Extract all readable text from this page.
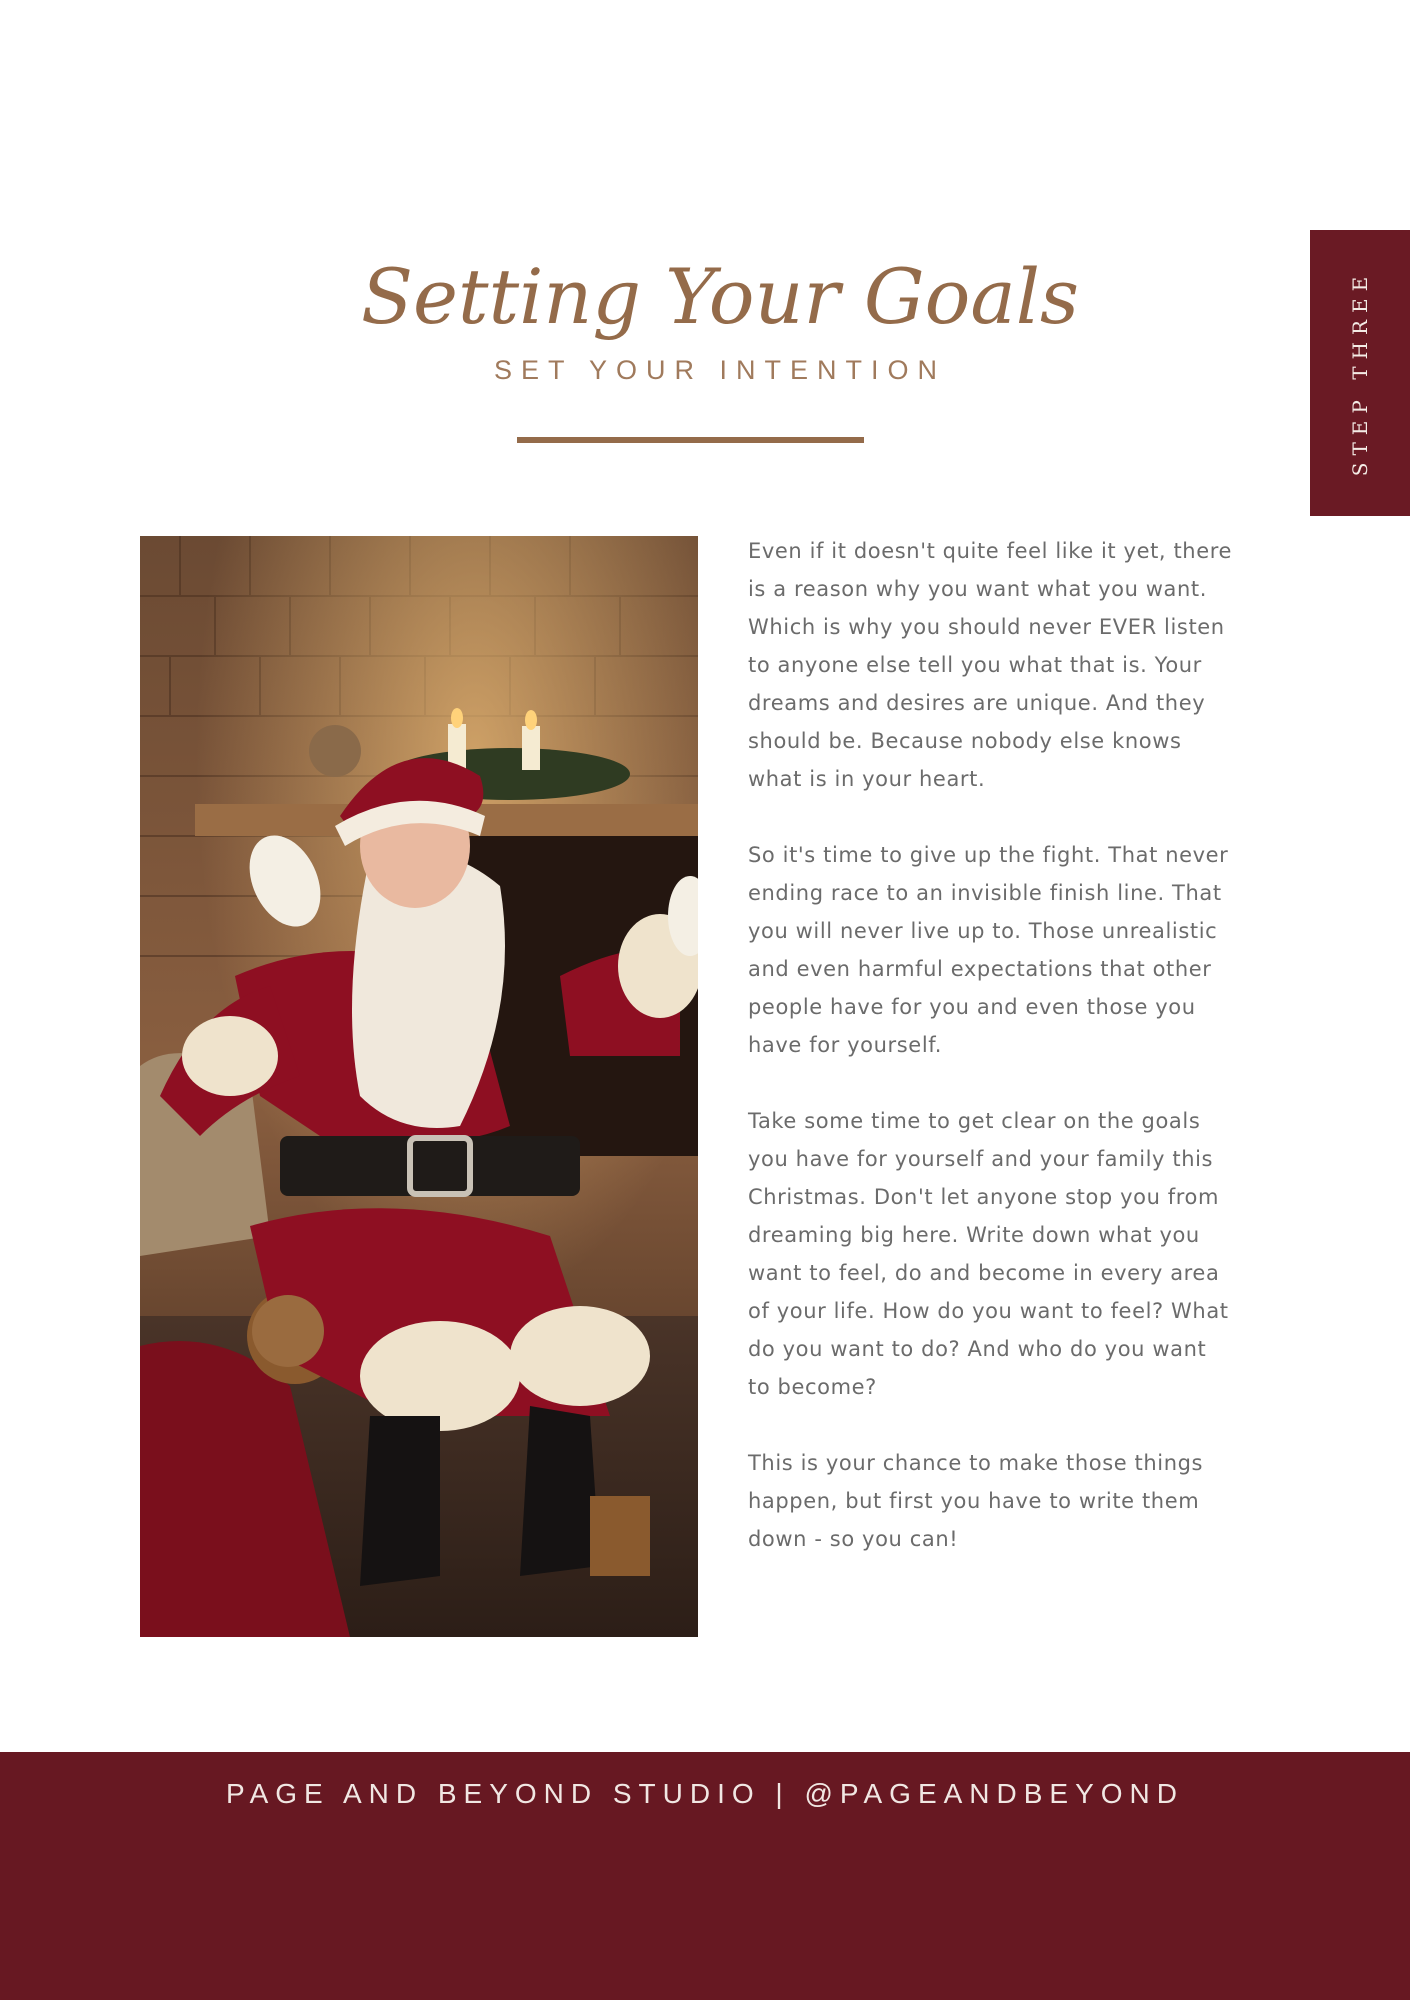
Setting Your Goals
SET YOUR INTENTION	STEP THREE

Even if it doesn't quite feel like it yet, there is a reason why you want what you want. Which is why you should never EVER listen to anyone else tell you what that is. Your dreams and desires are unique. And they should be. Because nobody else knows what is in your heart.

So it's time to give up the fight. That never ending race to an invisible finish line. That you will never live up to. Those unrealistic and even harmful expectations that other people have for you and even those you have for yourself.

Take some time to get clear on the goals you have for yourself and your family this Christmas. Don't let anyone stop you from dreaming big here. Write down what you want to feel, do and become in every area of your life. How do you want to feel? What do you want to do? And who do you want to become?

This is your chance to make those things happen, but first you have to write them down - so you can!

PAGE AND BEYOND STUDIO | @PAGEANDBEYOND
